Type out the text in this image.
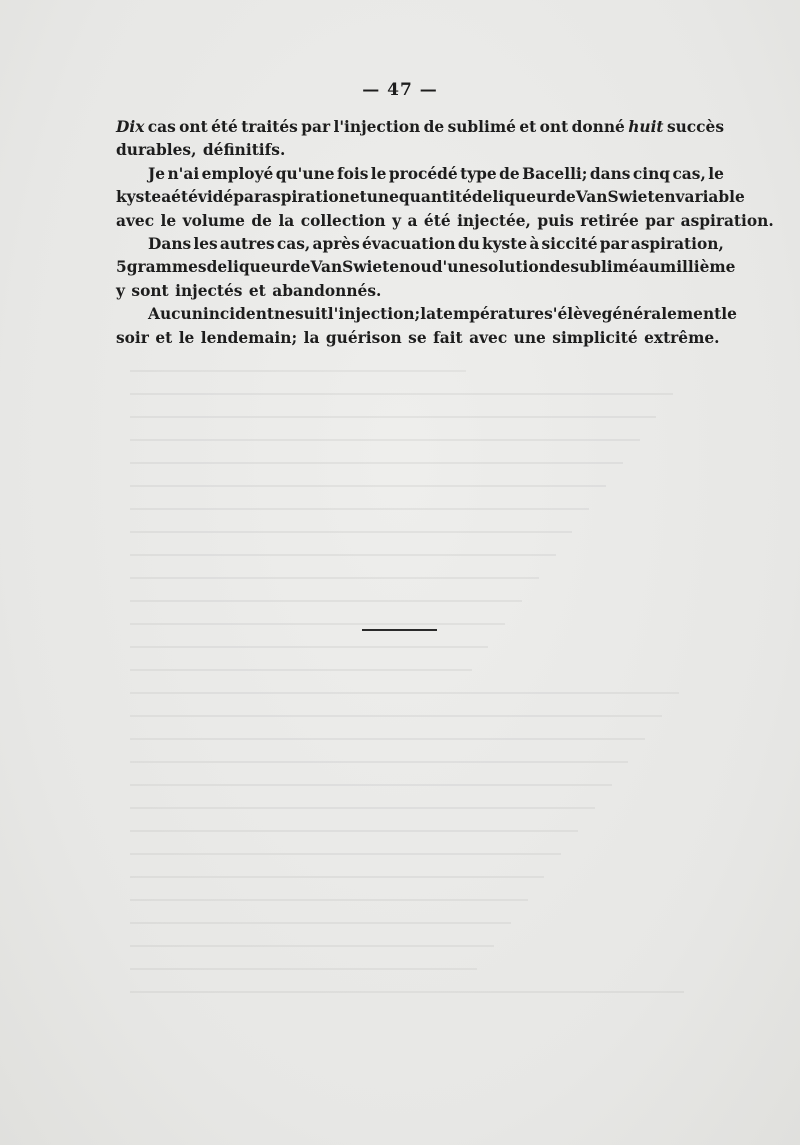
— 47 —
Dix cas ont été traités par l'injection de sublimé et ont donné huit succès
durables, définitifs.
Je n'ai employé qu'une fois le procédé type de Bacelli; dans cinq cas, le
kyste a été vidé par aspiration et une quantité de liqueur de Van Swieten variable
avec le volume de la collection y a été injectée, puis retirée par aspiration.
Dans les autres cas, après évacuation du kyste à siccité par aspiration,
5 grammes de liqueur de Van Swieten ou d'une solution de sublimé au millième
y sont injectés et abandonnés.
Aucun incident ne suit l'injection; la température s'élève généralement le
soir et le lendemain; la guérison se fait avec une simplicité extrême.
